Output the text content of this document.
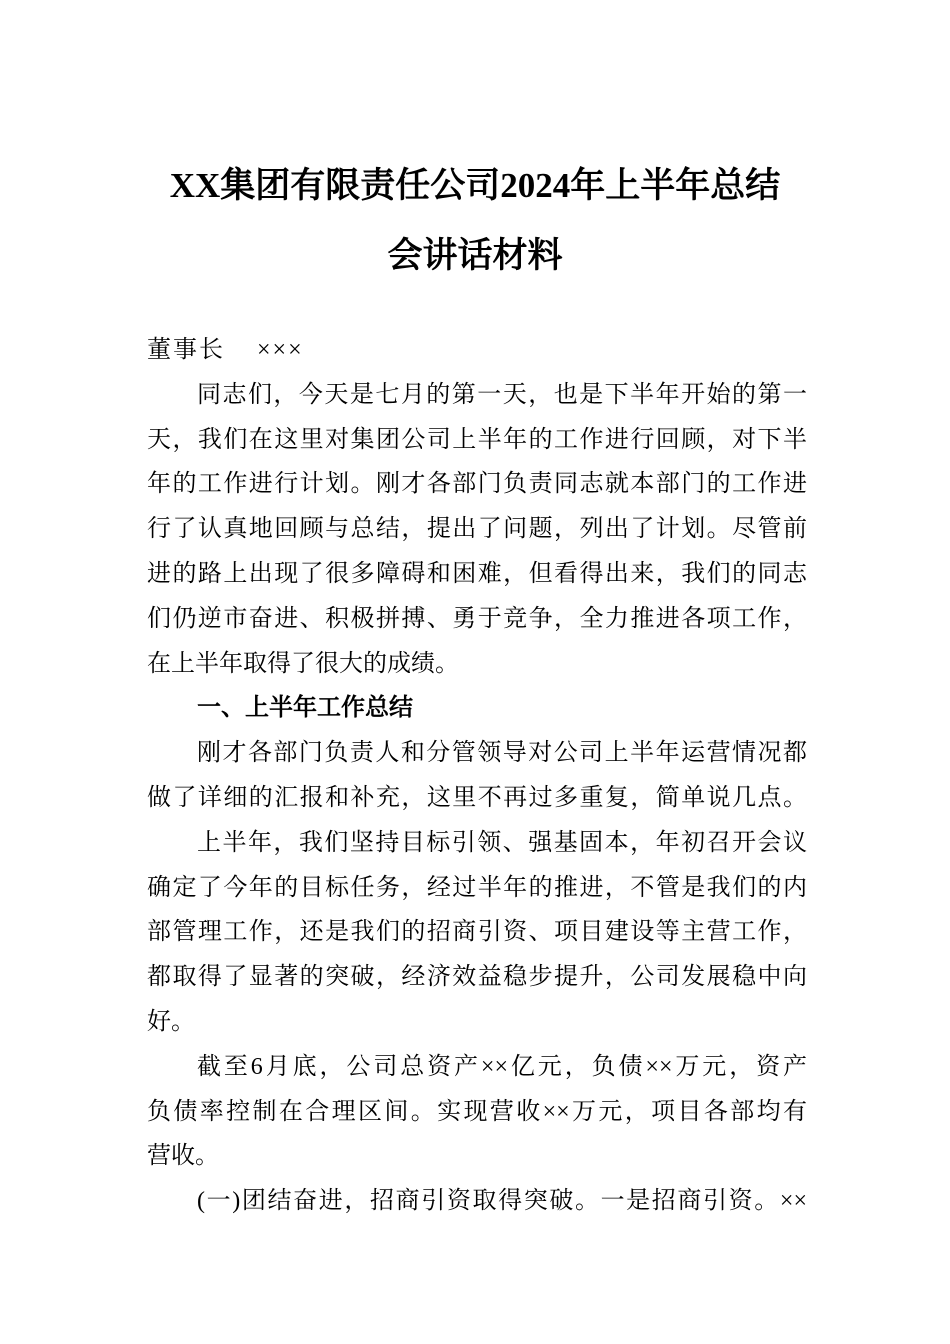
XX集团有限责任公司2024年上半年总结
会讲话材料
董事长    ×××
同志们，今天是七月的第一天，也是下半年开始的第一
天，我们在这里对集团公司上半年的工作进行回顾，对下半
年的工作进行计划。刚才各部门负责同志就本部门的工作进
行了认真地回顾与总结，提出了问题，列出了计划。尽管前
进的路上出现了很多障碍和困难，但看得出来，我们的同志
们仍逆市奋进、积极拼搏、勇于竞争，全力推进各项工作，
在上半年取得了很大的成绩。
一、上半年工作总结
刚才各部门负责人和分管领导对公司上半年运营情况都
做了详细的汇报和补充，这里不再过多重复，简单说几点。
上半年，我们坚持目标引领、强基固本，年初召开会议
确定了今年的目标任务，经过半年的推进，不管是我们的内
部管理工作，还是我们的招商引资、项目建设等主营工作，
都取得了显著的突破，经济效益稳步提升，公司发展稳中向
好。
截至6月底，公司总资产××亿元，负债××万元，资产
负债率控制在合理区间。实现营收××万元，项目各部均有
营收。
(一)团结奋进，招商引资取得突破。一是招商引资。××
